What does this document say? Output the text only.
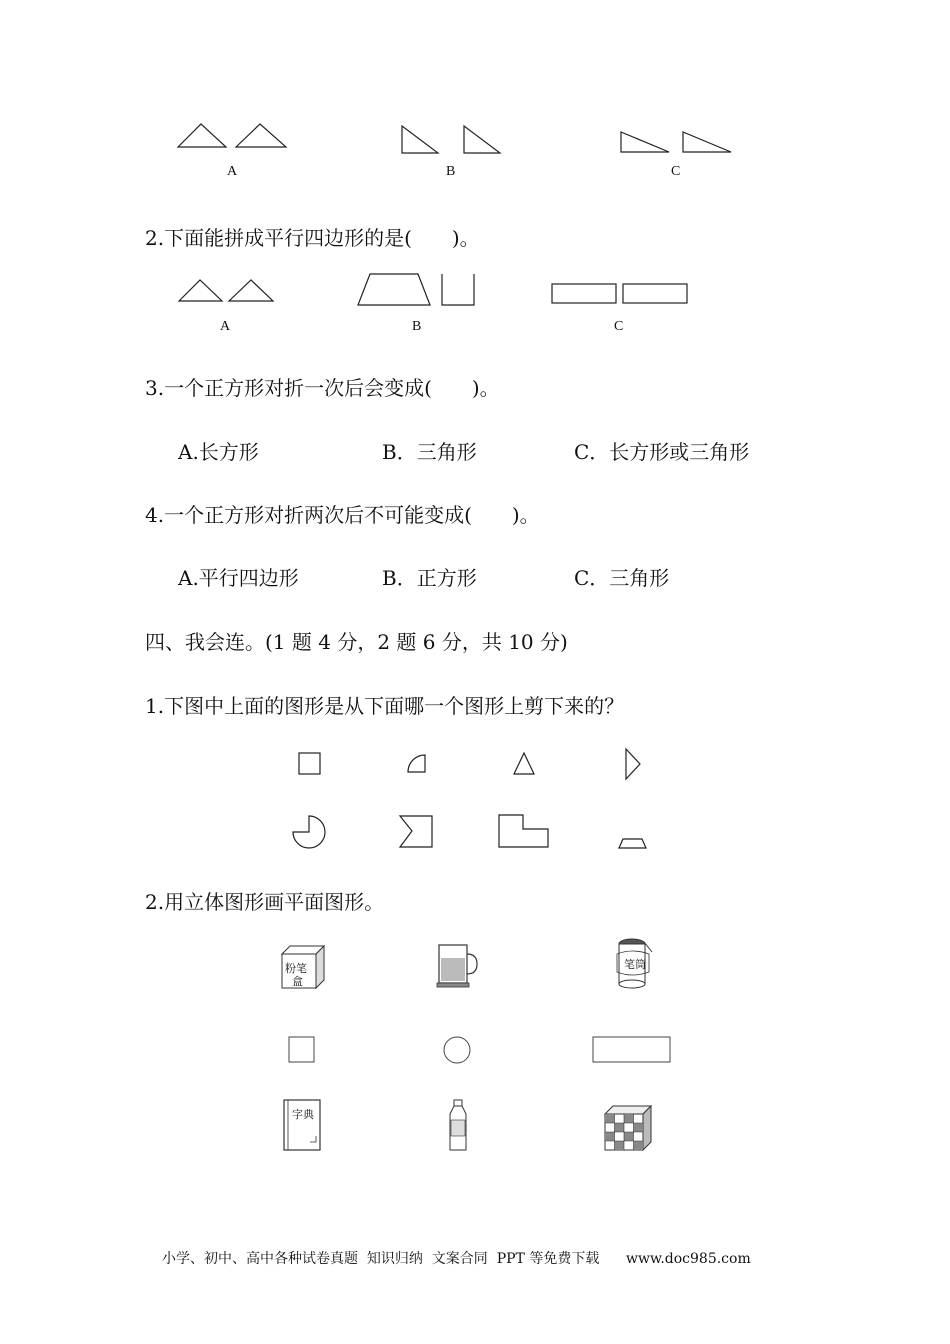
A	B	C
2.下面能拼成平行四边形的是(　　)。
A	B	C
3.一个正方形对折一次后会变成(　　)。
A.长方形	B．三角形	C．长方形或三角形
4.一个正方形对折两次后不可能变成(　　)。
A.平行四边形	B．正方形	C．三角形
四、我会连。(1 题 4 分，2 题 6 分，共 10 分)
1.下图中上面的图形是从下面哪一个图形上剪下来的？
2.用立体图形画平面图形。
粉笔
盒
笔筒
字典
小学、初中、高中各种试卷真题  知识归纳  文案合同  PPT 等免费下载      www.doc985.com
